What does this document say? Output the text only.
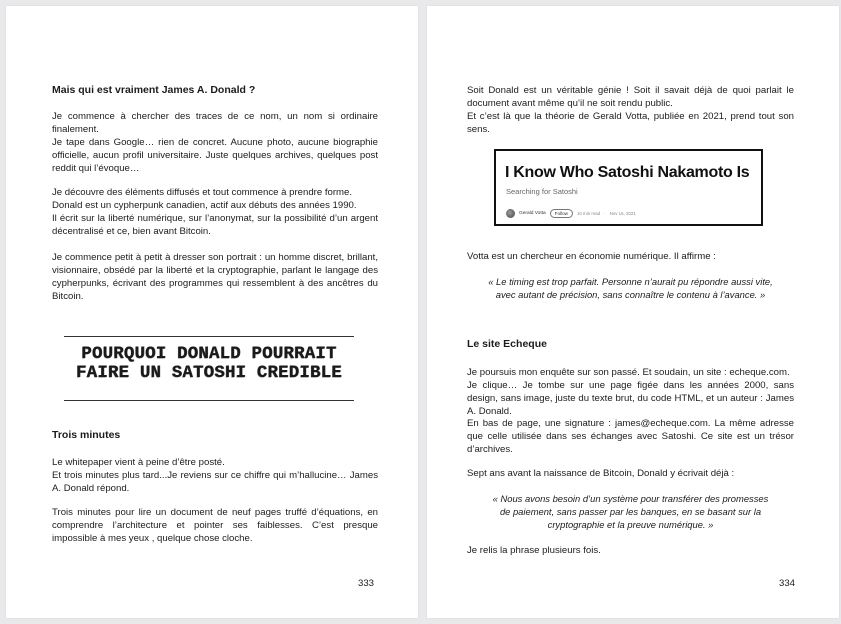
Mais qui est vraiment James A. Donald ?

Je commence à chercher des traces de ce nom, un nom si ordinaire finalement.

Je tape dans Google… rien de concret. Aucune photo, aucune biographie officielle, aucun profil universitaire. Juste quelques archives, quelques post reddit qui l’évoque…

Je découvre des éléments diffusés et tout commence à prendre forme.

Donald est un cypherpunk canadien, actif aux débuts des années 1990.

Il écrit sur la liberté numérique, sur l’anonymat, sur la possibilité d’un argent décentralisé et ce, bien avant Bitcoin.

Je commence petit à petit à dresser son portrait : un homme discret, brillant, visionnaire, obsédé par la liberté et la cryptographie, parlant le langage des cypherpunks, écrivant des programmes qui ressemblent à des ancêtres du Bitcoin.

POURQUOI DONALD POURRAIT
FAIRE UN SATOSHI CREDIBLE

Trois minutes

Le whitepaper vient à peine d’être posté.

Et trois minutes plus tard...Je reviens sur ce chiffre qui m’hallucine… James A. Donald répond.

Trois minutes pour lire un document de neuf pages truffé d’équations, en comprendre l’architecture et pointer ses faiblesses. C’est presque impossible à mes yeux , quelque chose cloche.

333

Soit Donald est un véritable génie ! Soit il savait déjà de quoi parlait le document avant même qu’il ne soit rendu public.

Et c’est là que la théorie de Gerald Votta, publiée en 2021, prend tout son sens.

I Know Who Satoshi Nakamoto Is
Searching for Satoshi
Gerald Votta	Follow	10 min read · Nov 16, 2021

Votta est un chercheur en économie numérique. Il affirme :

« Le timing est trop parfait. Personne n’aurait pu répondre aussi vite,

avec autant de précision, sans connaître le contenu à l’avance. »

Le site Echeque

Je poursuis mon enquête sur son passé. Et soudain, un site : echeque.com.

Je clique… Je tombe sur une page figée dans les années 2000, sans design, sans image, juste du texte brut, du code HTML, et un auteur : James A. Donald.

En bas de page, une signature : james@echeque.com. La même adresse que celle utilisée dans ses échanges avec Satoshi. Ce site est un trésor d’archives.

Sept ans avant la naissance de Bitcoin, Donald y écrivait déjà :

« Nous avons besoin d’un système pour transférer des promesses

de paiement, sans passer par les banques, en se basant sur la

cryptographie et la preuve numérique. »

Je relis la phrase plusieurs fois.

334
